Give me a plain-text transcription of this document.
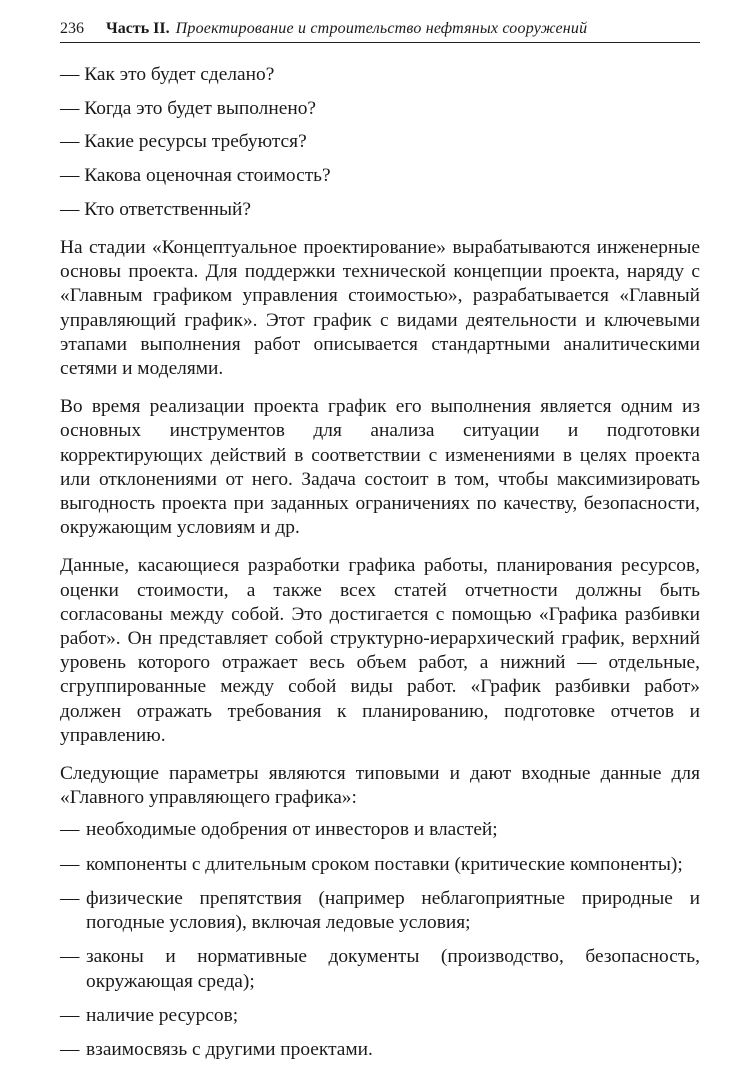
236 Часть II. Проектирование и строительство нефтяных сооружений
— Как это будет сделано?
— Когда это будет выполнено?
— Какие ресурсы требуются?
— Какова оценочная стоимость?
— Кто ответственный?

На стадии «Концептуальное проектирование» вырабатываются инженерные основы проекта. Для поддержки технической концепции проекта, наряду с «Главным графиком управления стоимостью», разрабатывается «Главный управляющий график». Этот график с видами деятельности и ключевыми этапами выполнения работ описывается стандартными аналитическими сетями и моделями.

Во время реализации проекта график его выполнения является одним из основных инструментов для анализа ситуации и подготовки корректирующих действий в соответствии с изменениями в целях проекта или отклонениями от него. Задача состоит в том, чтобы максимизировать выгодность проекта при заданных ограничениях по качеству, безопасности, окружающим условиям и др.

Данные, касающиеся разработки графика работы, планирования ресурсов, оценки стоимости, а также всех статей отчетности должны быть согласованы между собой. Это достигается с помощью «Графика разбивки работ». Он представляет собой структурно-иерархический график, верхний уровень которого отражает весь объем работ, а нижний — отдельные, сгруппированные между собой виды работ. «График разбивки работ» должен отражать требования к планированию, подготовке отчетов и управлению.

Следующие параметры являются типовыми и дают входные данные для «Главного управляющего графика»:

— необходимые одобрения от инвесторов и властей;
— компоненты с длительным сроком поставки (критические компоненты);
— физические препятствия (например неблагоприятные природные и погодные условия), включая ледовые условия;
— законы и нормативные документы (производство, безопасность, окружающая среда);
— наличие ресурсов;
— взаимосвязь с другими проектами.
